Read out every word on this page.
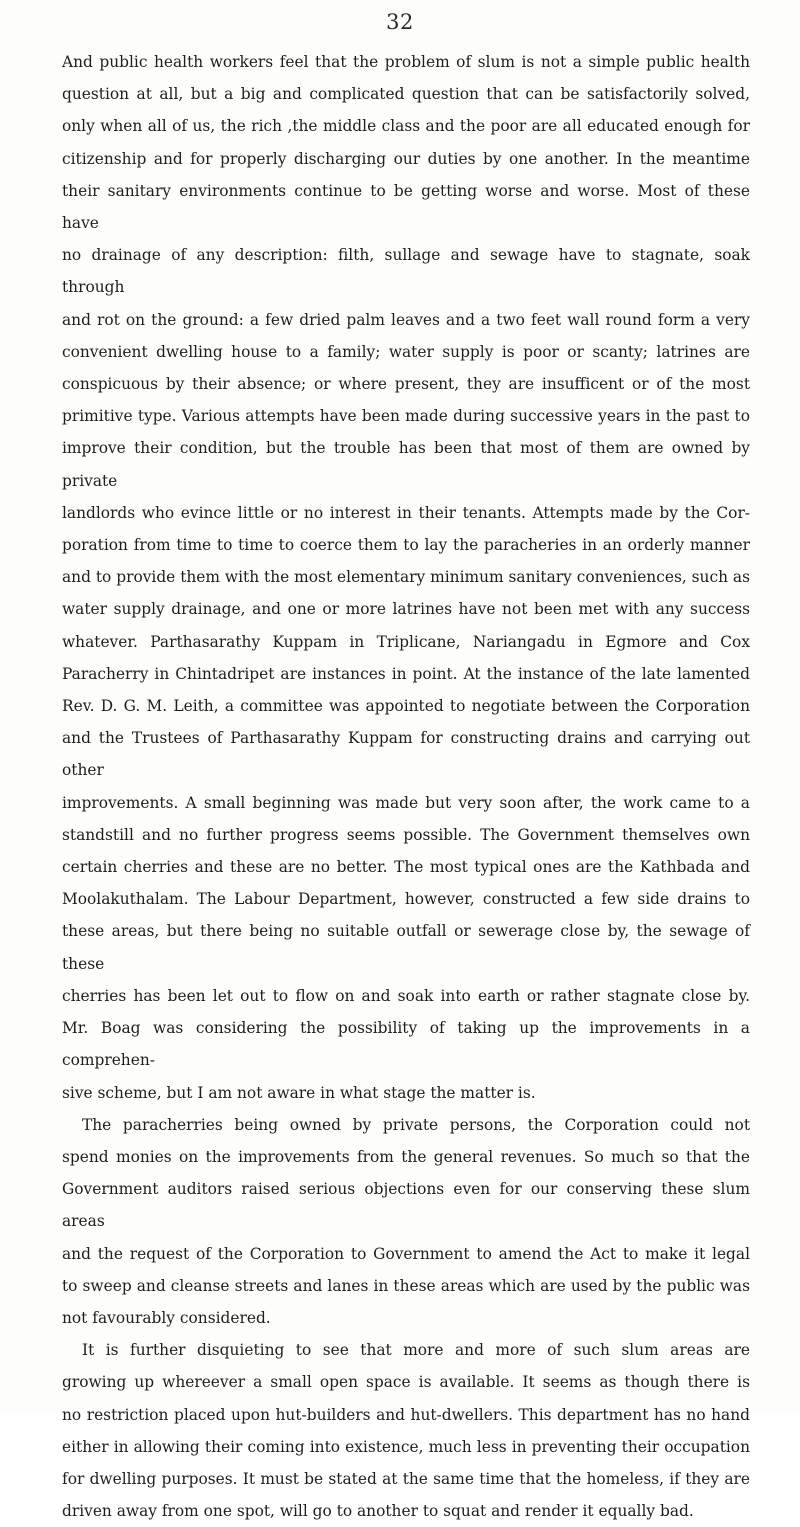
32
And public health workers feel that the problem of slum is not a simple public health
question at all, but a big and complicated question that can be satisfactorily solved,
only when all of us, the rich ,the middle class and the poor are all educated enough for
citizenship and for properly discharging our duties by one another. In the meantime
their sanitary environments continue to be getting worse and worse. Most of these have
no drainage of any description: filth, sullage and sewage have to stagnate, soak through
and rot on the ground: a few dried palm leaves and a two feet wall round form a very
convenient dwelling house to a family; water supply is poor or scanty; latrines are
conspicuous by their absence; or where present, they are insufficent or of the most
primitive type. Various attempts have been made during successive years in the past to
improve their condition, but the trouble has been that most of them are owned by private
landlords who evince little or no interest in their tenants. Attempts made by the Cor-
poration from time to time to coerce them to lay the paracheries in an orderly manner
and to provide them with the most elementary minimum sanitary conveniences, such as
water supply drainage, and one or more latrines have not been met with any success
whatever. Parthasarathy Kuppam in Triplicane, Nariangadu in Egmore and Cox
Paracherry in Chintadripet are instances in point. At the instance of the late lamented
Rev. D. G. M. Leith, a committee was appointed to negotiate between the Corporation
and the Trustees of Parthasarathy Kuppam for constructing drains and carrying out other
improvements. A small beginning was made but very soon after, the work came to a
standstill and no further progress seems possible. The Government themselves own
certain cherries and these are no better. The most typical ones are the Kathbada and
Moolakuthalam. The Labour Department, however, constructed a few side drains to
these areas, but there being no suitable outfall or sewerage close by, the sewage of these
cherries has been let out to flow on and soak into earth or rather stagnate close by.
Mr. Boag was considering the possibility of taking up the improvements in a comprehen-
sive scheme, but I am not aware in what stage the matter is.
The paracherries being owned by private persons, the Corporation could not
spend monies on the improvements from the general revenues. So much so that the
Government auditors raised serious objections even for our conserving these slum areas
and the request of the Corporation to Government to amend the Act to make it legal
to sweep and cleanse streets and lanes in these areas which are used by the public was
not favourably considered.
It is further disquieting to see that more and more of such slum areas are
growing up whereever a small open space is available. It seems as though there is
no restriction placed upon hut-builders and hut-dwellers. This department has no hand
either in allowing their coming into existence, much less in preventing their occupation
for dwelling purposes. It must be stated at the same time that the homeless, if they are
driven away from one spot, will go to another to squat and render it equally bad.
